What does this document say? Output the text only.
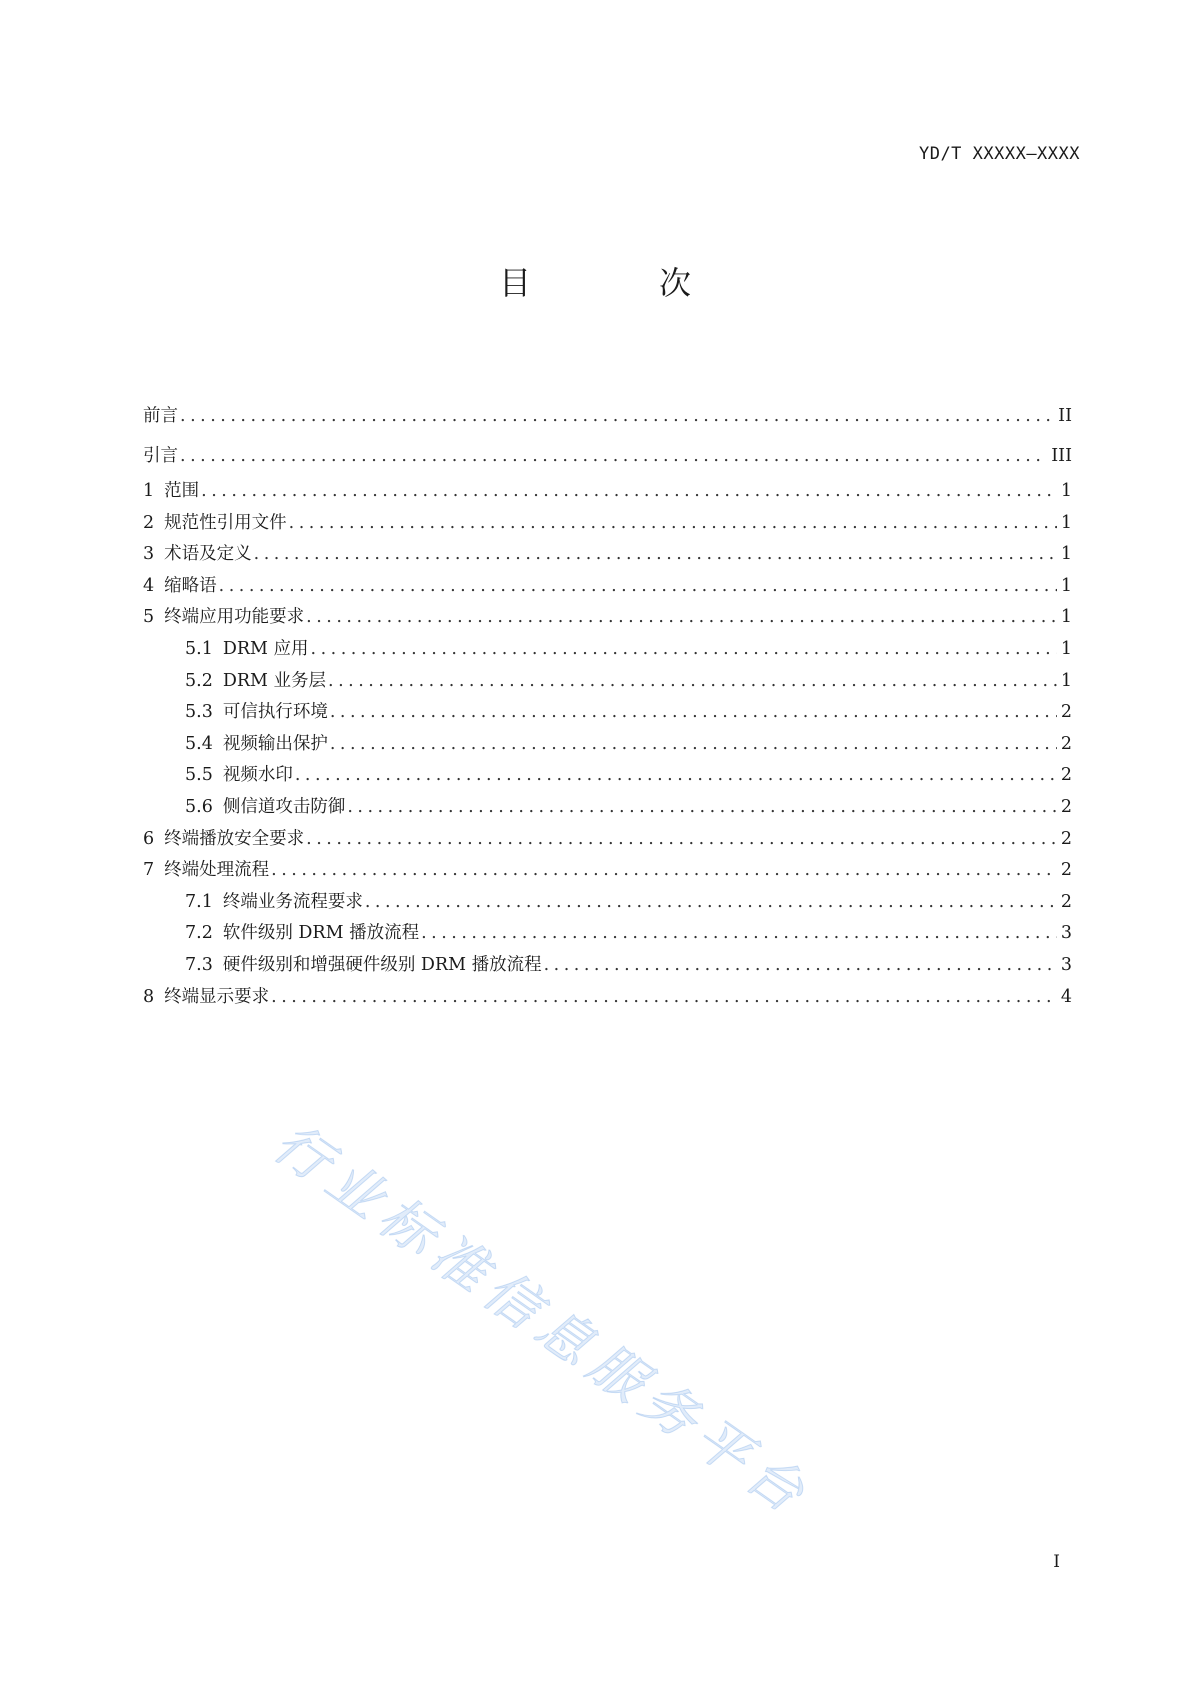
YD/T XXXXX—XXXX
目　次
前言 .....	II
引言 .....	III
1 范围 .....	1
2 规范性引用文件 .....	1
3 术语及定义 .....	1
4 缩略语 .....	1
5 终端应用功能要求 .....	1
5.1 DRM 应用 .....	1
5.2 DRM 业务层 .....	1
5.3 可信执行环境 .....	2
5.4 视频输出保护 .....	2
5.5 视频水印 .....	2
5.6 侧信道攻击防御 .....	2
6 终端播放安全要求 .....	2
7 终端处理流程 .....	2
7.1 终端业务流程要求 .....	2
7.2 软件级别 DRM 播放流程 .....	3
7.3 硬件级别和增强硬件级别 DRM 播放流程 .....	3
8 终端显示要求 .....	4
行业标准信息服务平台
I
